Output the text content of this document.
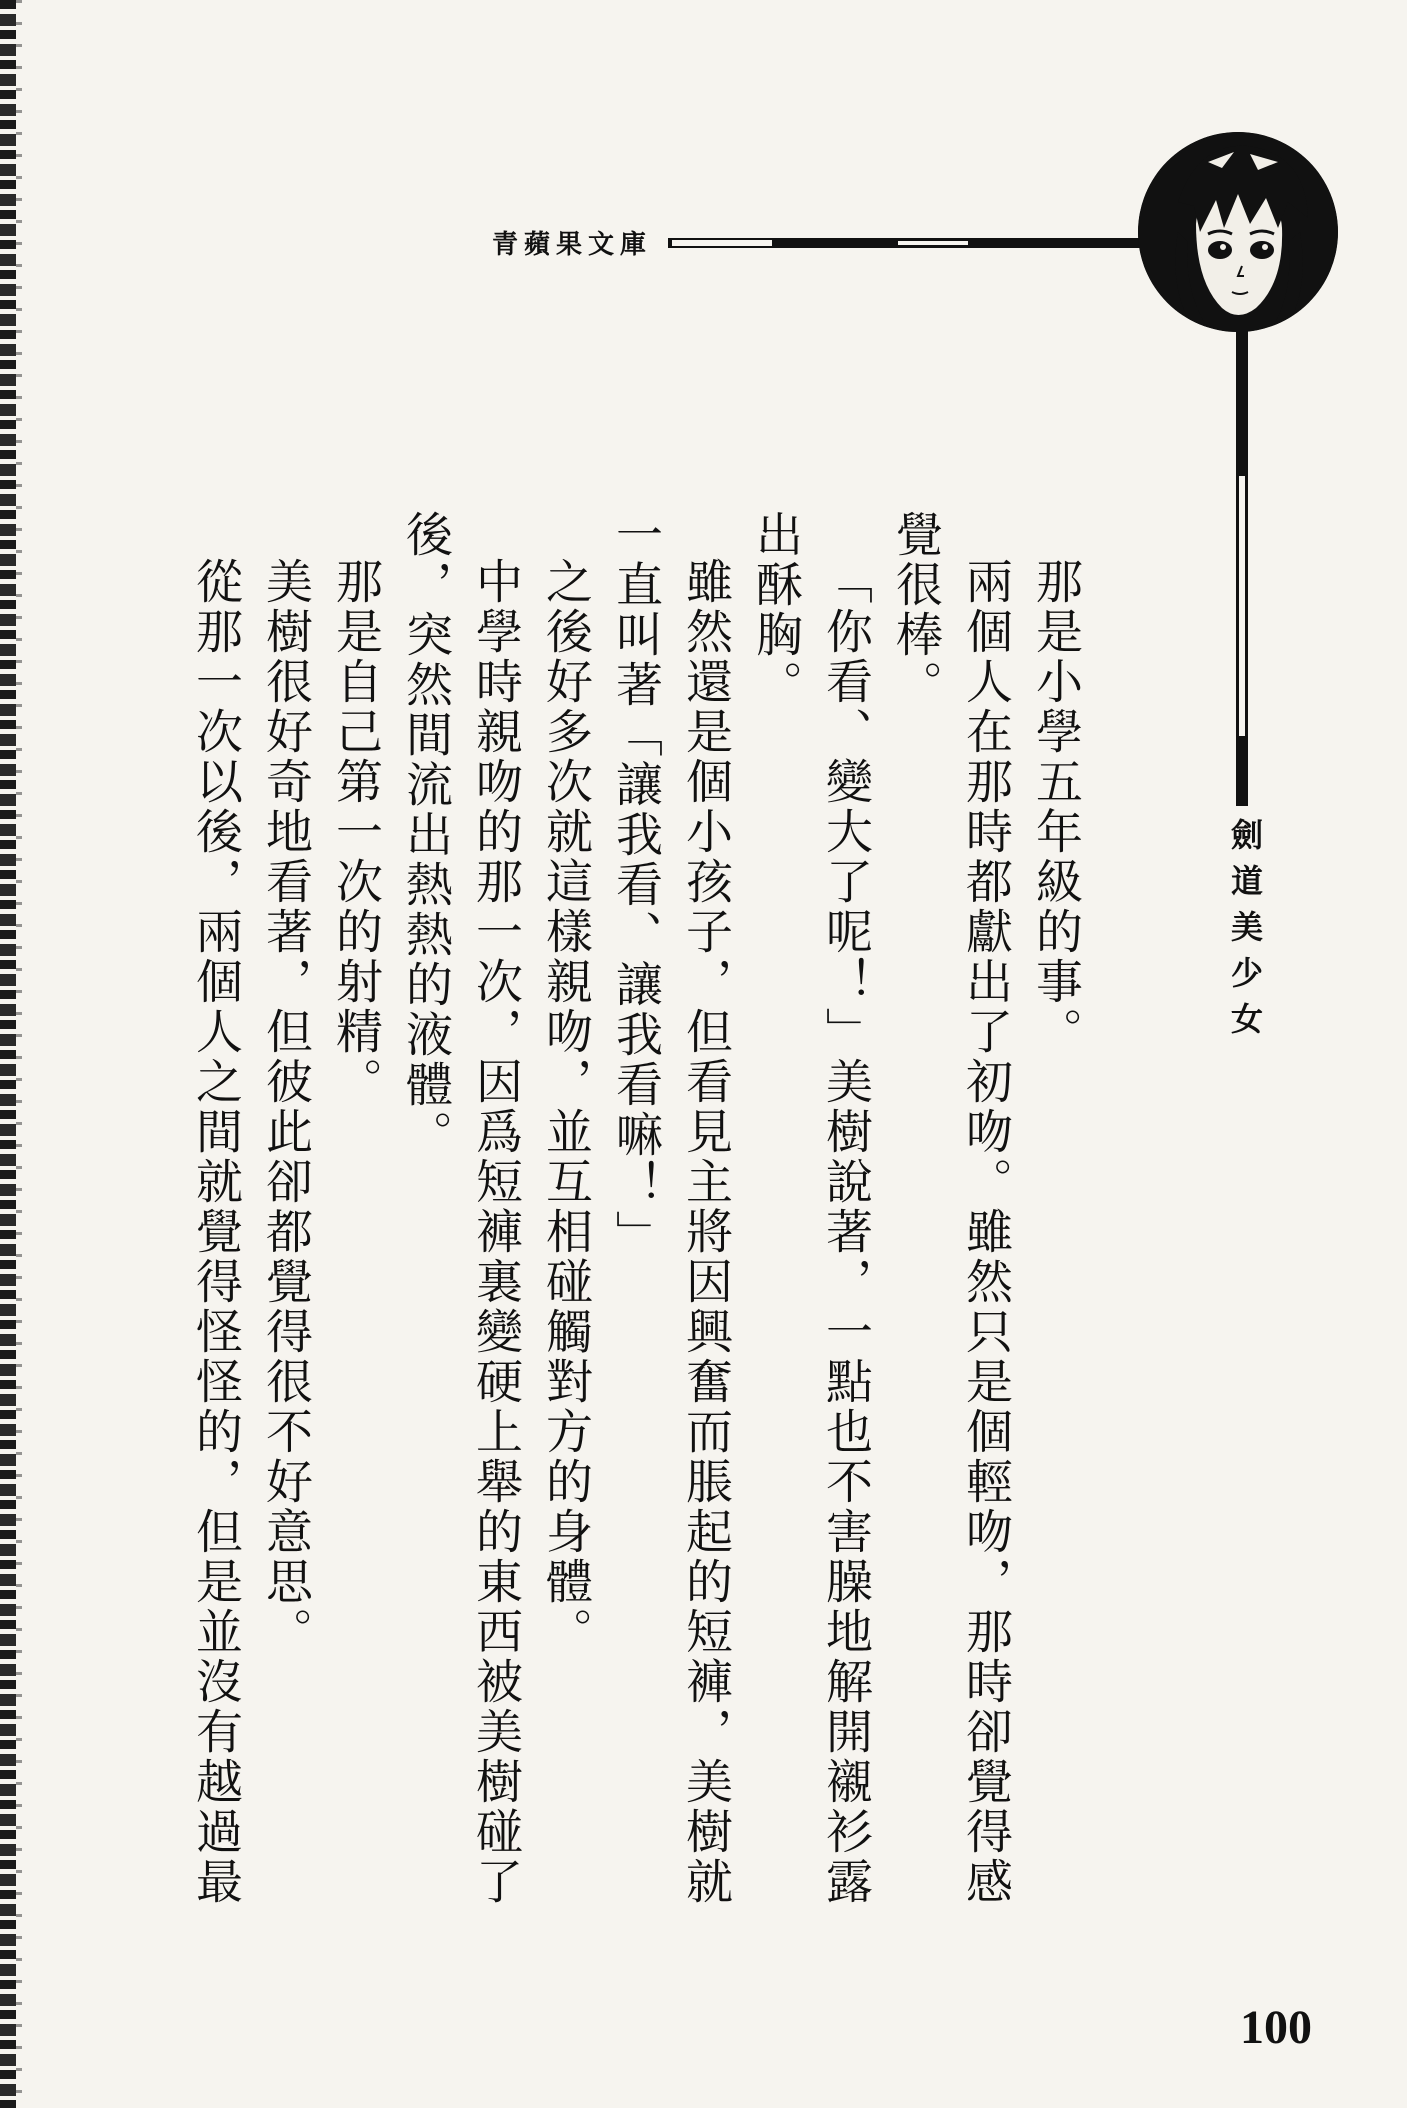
青蘋果文庫
劍道美少女

那是小學五年級的事。

兩個人在那時都獻出了初吻。雖然只是個輕吻，那時卻覺得感

覺很棒。

「你看、變大了呢！」美樹說著，一點也不害臊地解開襯衫露

出酥胸。

雖然還是個小孩子，但看見主將因興奮而脹起的短褲，美樹就

一直叫著「讓我看、讓我看嘛！」

之後好多次就這樣親吻，並互相碰觸對方的身體。

中學時親吻的那一次，因爲短褲裏變硬上舉的東西被美樹碰了

後，突然間流出熱熱的液體。

那是自己第一次的射精。

美樹很好奇地看著，但彼此卻都覺得很不好意思。

從那一次以後，兩個人之間就覺得怪怪的，但是並沒有越過最

100
